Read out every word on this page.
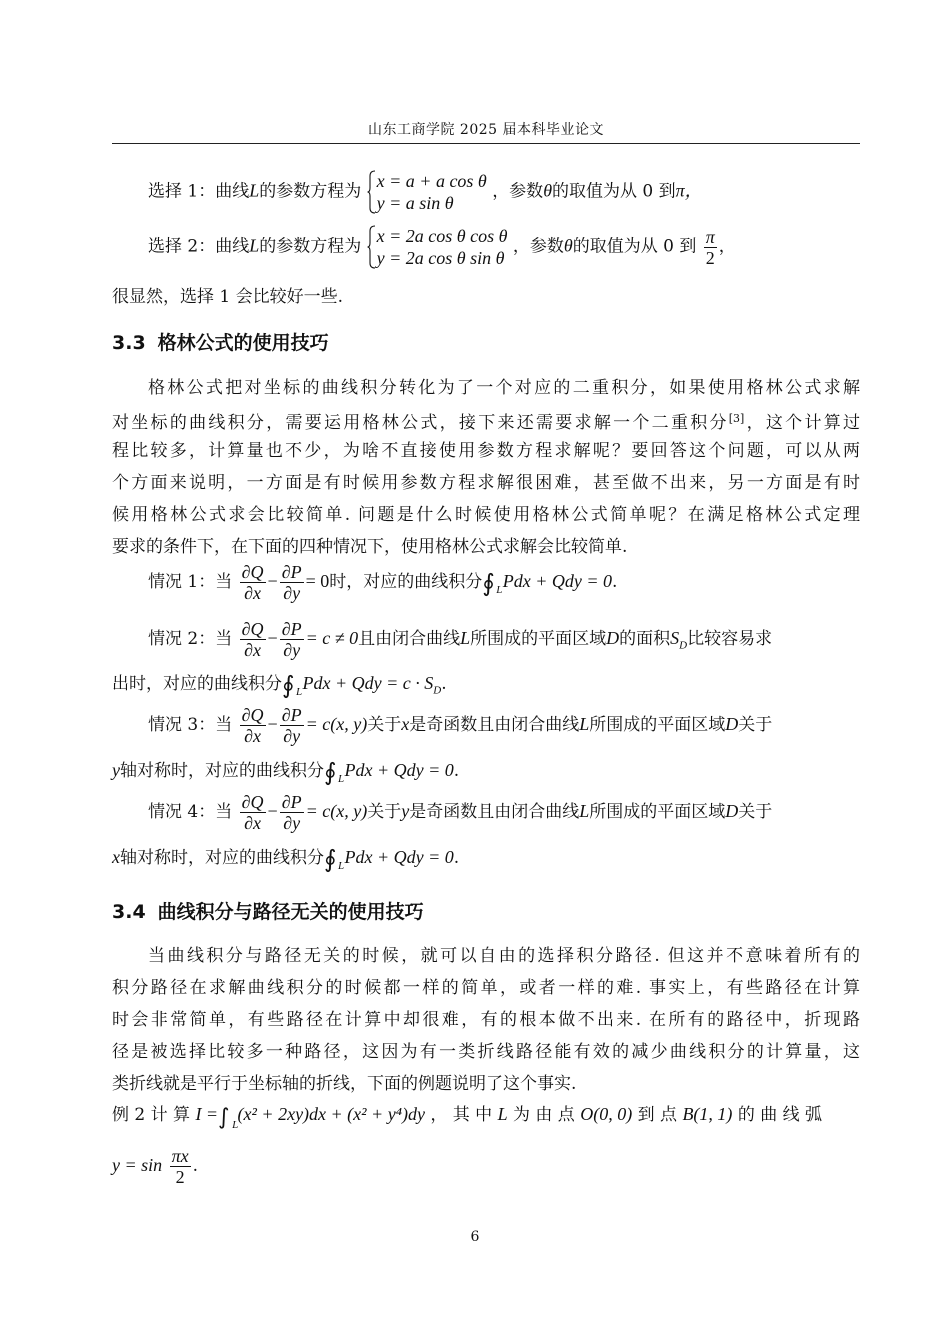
山东工商学院 2025 届本科毕业论文
选择 1：曲线L的参数方程为
x = a + a cos θ
y = a sin θ
，参数θ的取值为从 0 到π，
选择 2：曲线L的参数方程为
x = 2a cos θ cos θ
y = 2a cos θ sin θ
，参数θ的取值为从 0 到 $\frac{\pi}{2}$ ，
很显然，选择 1 会比较好一些.
3.3 格林公式的使用技巧
格林公式把对坐标的曲线积分转化为了一个对应的二重积分，如果使用格林公式求解
对坐标的曲线积分，需要运用格林公式，接下来还需要求解一个二重积分[3]，这个计算过
程比较多，计算量也不少，为啥不直接使用参数方程求解呢？要回答这个问题，可以从两
个方面来说明，一方面是有时候用参数方程求解很困难，甚至做不出来，另一方面是有时
候用格林公式求会比较简单. 问题是什么时候使用格林公式简单呢？在满足格林公式定理
要求的条件下，在下面的四种情况下，使用格林公式求解会比较简单.
情况 1：当 $\frac{\partial Q}{\partial x} - \frac{\partial P}{\partial y} = 0$时，对应的曲线积分∮ L Pdx + Qdy = 0.
情况 2：当 $\frac{\partial Q}{\partial x} - \frac{\partial P}{\partial y} = c \ne 0$且由闭合曲线L所围成的平面区域D的面积$S_D$比较容易求
出时，对应的曲线积分∮ L Pdx + Qdy = $c \cdot S_D$.
情况 3：当 $\frac{\partial Q}{\partial x} - \frac{\partial P}{\partial y} = c(x$, y)关于x是奇函数且由闭合曲线L所围成的平面区域D关于
y轴对称时，对应的曲线积分∮ L Pdx + Qdy = 0.
情况 4：当 $\frac{\partial Q}{\partial x} - \frac{\partial P}{\partial y} = c(x$, y)关于y是奇函数且由闭合曲线L所围成的平面区域D关于
x轴对称时，对应的曲线积分∮ L Pdx + Qdy = 0.
3.4 曲线积分与路径无关的使用技巧
当曲线积分与路径无关的时候，就可以自由的选择积分路径. 但这并不意味着所有的
积分路径在求解曲线积分的时候都一样的简单，或者一样的难. 事实上，有些路径在计算
时会非常简单，有些路径在计算中却很难，有的根本做不出来. 在所有的路径中，折现路
径是被选择比较多一种路径，这因为有一类折线路径能有效的减少曲线积分的计算量，这
类折线就是平行于坐标轴的折线，下面的例题说明了这个事实.
例 2 计 算 I =∫ L
(x² + 2xy)dx + (x² + y⁴)dy ， 其 中 L 为 由 点 O(0, 0) 到 点 B(1, 1) 的 曲 线 弧
$y = \sin \frac{\pi x}{2}$ .
6
